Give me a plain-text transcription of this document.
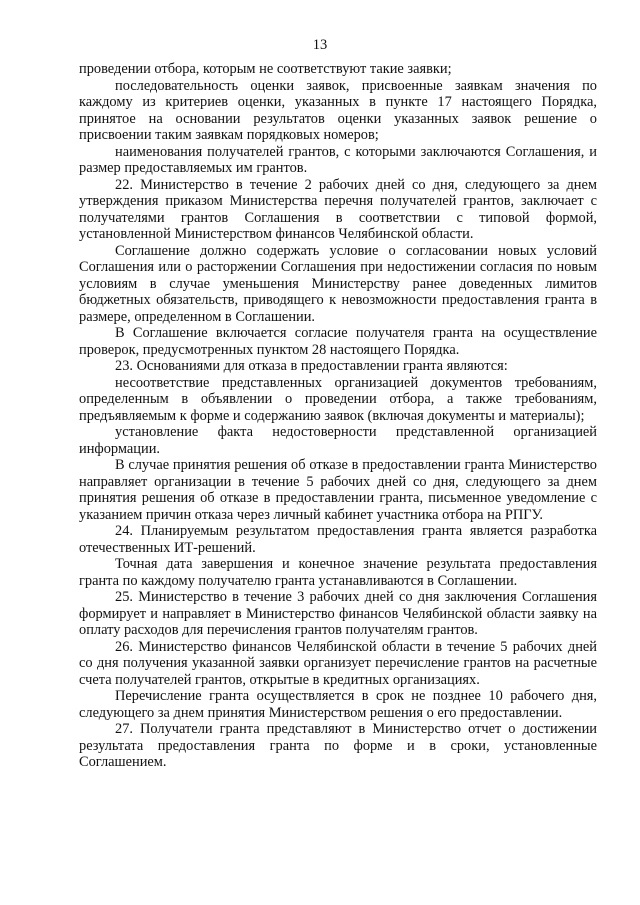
13

проведении отбора, которым не соответствуют такие заявки;

последовательность оценки заявок, присвоенные заявкам значения по каждому из критериев оценки, указанных в пункте 17 настоящего Порядка, принятое на основании результатов оценки указанных заявок решение о присвоении таким заявкам порядковых номеров;

наименования получателей грантов, с которыми заключаются Соглашения, и размер предоставляемых им грантов.

22. Министерство в течение 2 рабочих дней со дня, следующего за днем утверждения приказом Министерства перечня получателей грантов, заключает с получателями грантов Соглашения в соответствии с типовой формой, установленной Министерством финансов Челябинской области.

Соглашение должно содержать условие о согласовании новых условий Соглашения или о расторжении Соглашения при недостижении согласия по новым условиям в случае уменьшения Министерству ранее доведенных лимитов бюджетных обязательств, приводящего к невозможности предоставления гранта в размере, определенном в Соглашении.

В Соглашение включается согласие получателя гранта на осуществление проверок, предусмотренных пунктом 28 настоящего Порядка.

23. Основаниями для отказа в предоставлении гранта являются:

несоответствие представленных организацией документов требованиям, определенным в объявлении о проведении отбора, а также требованиям, предъявляемым к форме и содержанию заявок (включая документы и материалы);

установление факта недостоверности представленной организацией информации.

В случае принятия решения об отказе в предоставлении гранта Министерство направляет организации в течение 5 рабочих дней со дня, следующего за днем принятия решения об отказе в предоставлении гранта, письменное уведомление с указанием причин отказа через личный кабинет участника отбора на РПГУ.

24. Планируемым результатом предоставления гранта является разработка отечественных ИТ-решений.

Точная дата завершения и конечное значение результата предоставления гранта по каждому получателю гранта устанавливаются в Соглашении.

25. Министерство в течение 3 рабочих дней со дня заключения Соглашения формирует и направляет в Министерство финансов Челябинской области заявку на оплату расходов для перечисления грантов получателям грантов.

26. Министерство финансов Челябинской области в течение 5 рабочих дней со дня получения указанной заявки организует перечисление грантов на расчетные счета получателей грантов, открытые в кредитных организациях.

Перечисление гранта осуществляется в срок не позднее 10 рабочего дня, следующего за днем принятия Министерством решения о его предоставлении.

27. Получатели гранта представляют в Министерство отчет о достижении результата предоставления гранта по форме и в сроки, установленные Соглашением.
